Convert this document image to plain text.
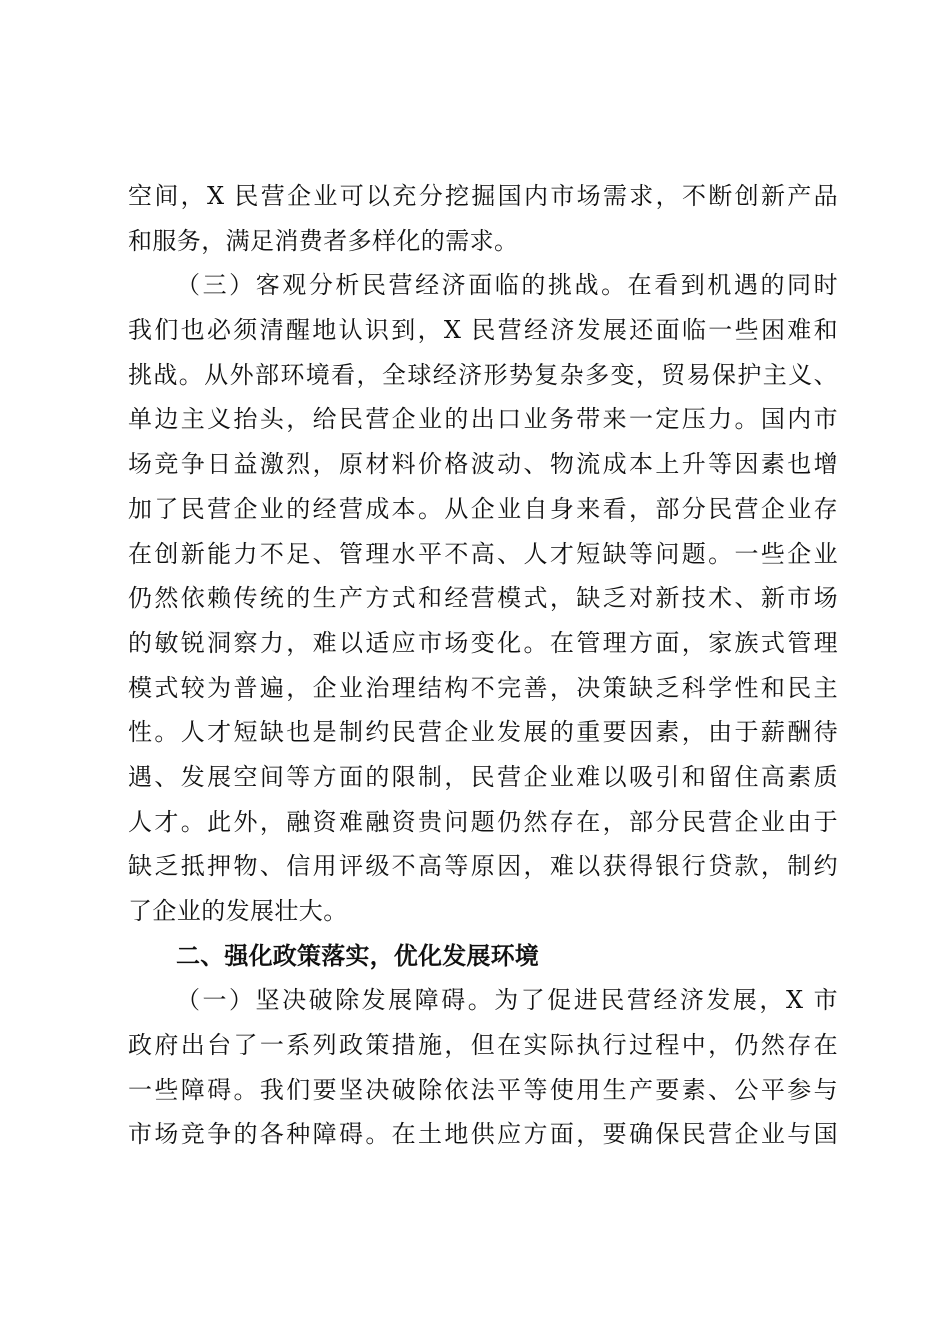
空间，X 民营企业可以充分挖掘国内市场需求，不断创新产品
和服务，满足消费者多样化的需求。
（三）客观分析民营经济面临的挑战。在看到机遇的同时
我们也必须清醒地认识到，X 民营经济发展还面临一些困难和
挑战。从外部环境看，全球经济形势复杂多变，贸易保护主义、
单边主义抬头，给民营企业的出口业务带来一定压力。国内市
场竞争日益激烈，原材料价格波动、物流成本上升等因素也增
加了民营企业的经营成本。从企业自身来看，部分民营企业存
在创新能力不足、管理水平不高、人才短缺等问题。一些企业
仍然依赖传统的生产方式和经营模式，缺乏对新技术、新市场
的敏锐洞察力，难以适应市场变化。在管理方面，家族式管理
模式较为普遍，企业治理结构不完善，决策缺乏科学性和民主
性。人才短缺也是制约民营企业发展的重要因素，由于薪酬待
遇、发展空间等方面的限制，民营企业难以吸引和留住高素质
人才。此外，融资难融资贵问题仍然存在，部分民营企业由于
缺乏抵押物、信用评级不高等原因，难以获得银行贷款，制约
了企业的发展壮大。
二、强化政策落实，优化发展环境
（一）坚决破除发展障碍。为了促进民营经济发展，X 市
政府出台了一系列政策措施，但在实际执行过程中，仍然存在
一些障碍。我们要坚决破除依法平等使用生产要素、公平参与
市场竞争的各种障碍。在土地供应方面，要确保民营企业与国
